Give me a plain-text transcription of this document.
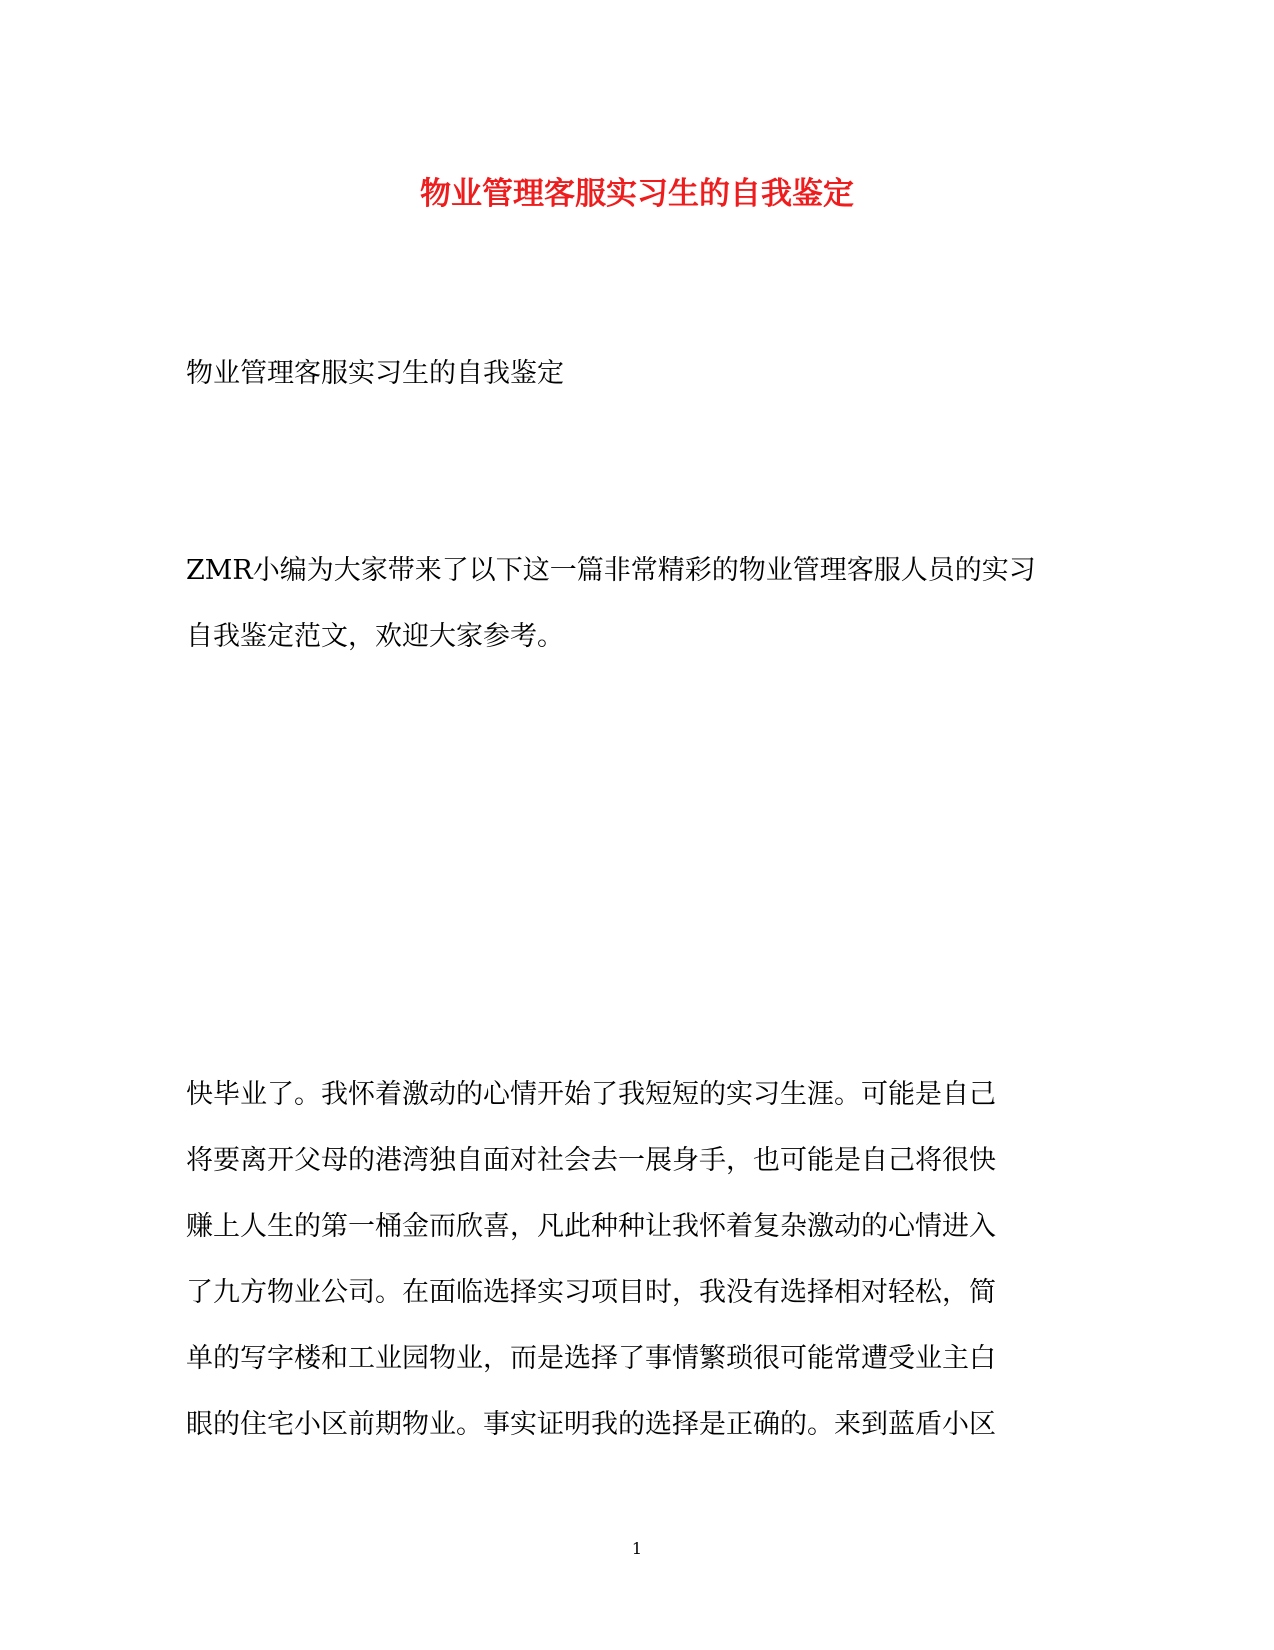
物业管理客服实习生的自我鉴定
物业管理客服实习生的自我鉴定
ZMR小编为大家带来了以下这一篇非常精彩的物业管理客服人员的实习
自我鉴定范文，欢迎大家参考。
快毕业了。我怀着激动的心情开始了我短短的实习生涯。可能是自己
将要离开父母的港湾独自面对社会去一展身手，也可能是自己将很快
赚上人生的第一桶金而欣喜，凡此种种让我怀着复杂激动的心情进入
了九方物业公司。在面临选择实习项目时，我没有选择相对轻松，简
单的写字楼和工业园物业，而是选择了事情繁琐很可能常遭受业主白
眼的住宅小区前期物业。事实证明我的选择是正确的。来到蓝盾小区
1
